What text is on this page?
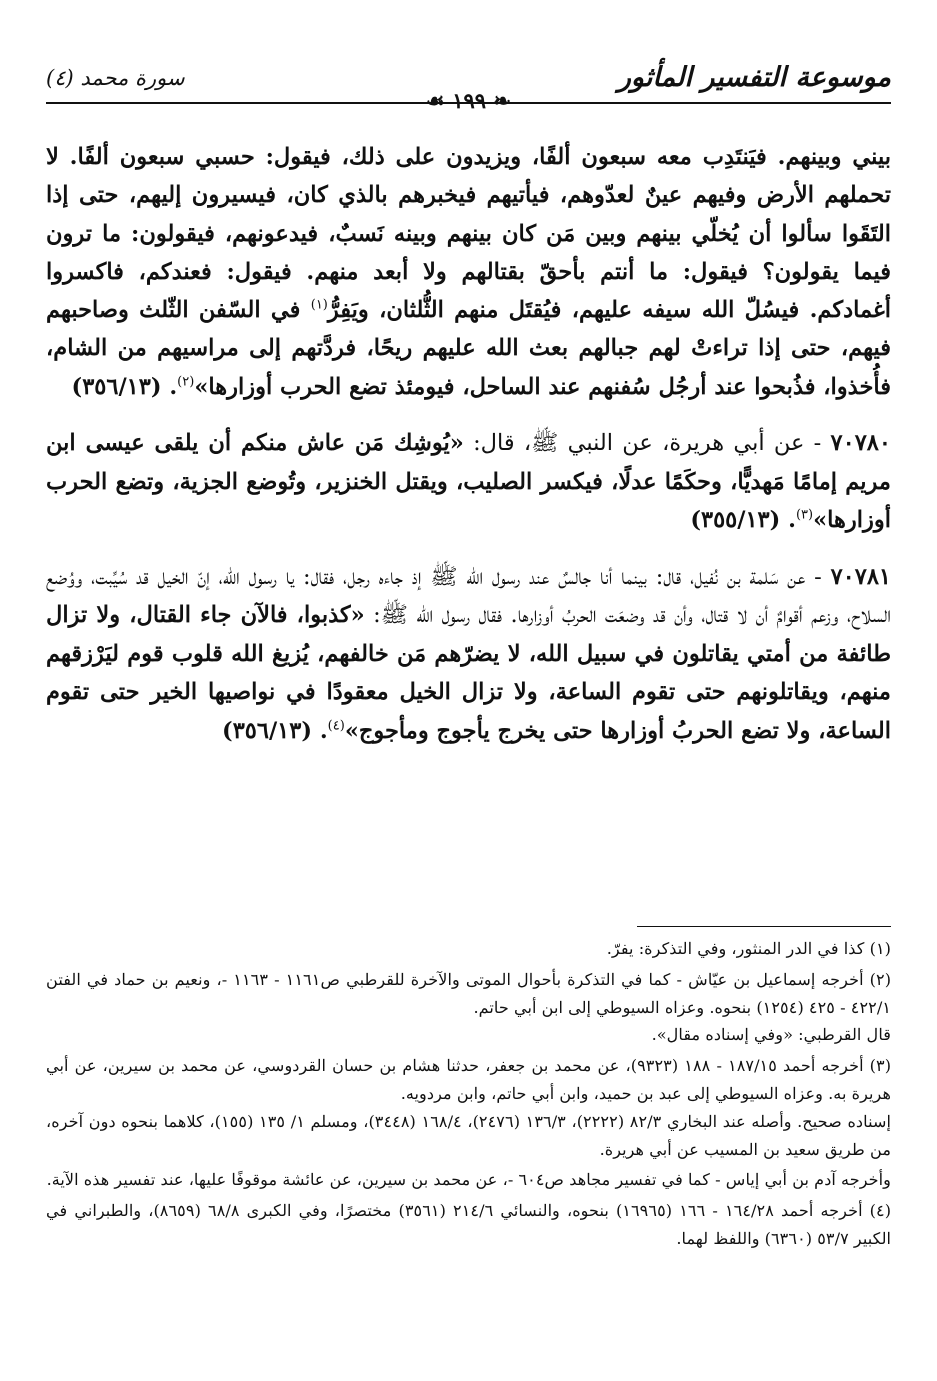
موسوعة التفسير المأثور
سورة محمد (٤)
❧ ١٩٩ ☙

بيني وبينهم. فيَنتَدِب معه سبعون ألفًا، ويزيدون على ذلك، فيقول: حسبي سبعون ألفًا. لا تحملهم الأرض وفيهم عينٌ لعدّوهم، فيأتيهم فيخبرهم بالذي كان، فيسيرون إليهم، حتى إذا التَقَوا سألوا أن يُخلّي بينهم وبين مَن كان بينهم وبينه نَسبٌ، فيدعونهم، فيقولون: ما ترون فيما يقولون؟ فيقول: ما أنتم بأحقّ بقتالهم ولا أبعد منهم. فيقول: فعندكم، فاكسروا أغمادكم. فيسُلّ الله سيفه عليهم، فيُقتَل منهم الثُّلثان، ويَفِرُّ$^{(١)}$ في السّفن الثّلث وصاحبهم فيهم، حتى إذا تراءتْ لهم جبالهم بعث الله عليهم ريحًا، فردَّتهم إلى مراسيهم من الشام، فأُخذوا، فذُبحوا عند أرجُل سُفنهم عند الساحل، فيومئذ تضع الحرب أوزارها»$^{(٢)}$. (٣٥٦/١٣)

٧٠٧٨٠ - عن أبي هريرة، عن النبي ﷺ، قال: «يُوشِك مَن عاش منكم أن يلقى عيسى ابن مريم إمامًا مَهديًّا، وحكَمًا عدلًا، فيكسر الصليب، ويقتل الخنزير، وتُوضع الجزية، وتضع الحرب أوزارها»$^{(٣)}$. (٣٥٥/١٣)

٧٠٧٨١ - عن سَلمة بن نُفيل، قال: بينما أنا جالسٌ عند رسول الله ﷺ إذ جاءه رجل، فقال: يا رسول الله، إنّ الخيل قد سُيِّبت، ووُضع السلاح، وزعم أقوامٌ أن لا قتال، وأن قد وضعَت الحربُ أوزارها. فقال رسول الله ﷺ: «كذبوا، فالآن جاء القتال، ولا تزال طائفة من أمتي يقاتلون في سبيل الله، لا يضرّهم مَن خالفهم، يُزيغ الله قلوب قوم ليَرْزقهم منهم، ويقاتلونهم حتى تقوم الساعة، ولا تزال الخيل معقودًا في نواصيها الخير حتى تقوم الساعة، ولا تضع الحربُ أوزارها حتى يخرج يأجوج ومأجوج»$^{(٤)}$. (٣٥٦/١٣)

(١) كذا في الدر المنثور، وفي التذكرة: يفرّ.

(٢) أخرجه إسماعيل بن عيّاش - كما في التذكرة بأحوال الموتى والآخرة للقرطبي ص١١٦١ - ١١٦٣ -، ونعيم بن حماد في الفتن ٤٢٢/١ - ٤٢٥ (١٢٥٤) بنحوه. وعزاه السيوطي إلى ابن أبي حاتم.

قال القرطبي: «وفي إسناده مقال».

(٣) أخرجه أحمد ١٨٧/١٥ - ١٨٨ (٩٣٢٣)، عن محمد بن جعفر، حدثنا هشام بن حسان القردوسي، عن محمد بن سيرين، عن أبي هريرة به. وعزاه السيوطي إلى عبد بن حميد، وابن أبي حاتم، وابن مردويه.

إسناده صحيح. وأصله عند البخاري ٨٢/٣ (٢٢٢٢)، ١٣٦/٣ (٢٤٧٦)، ١٦٨/٤ (٣٤٤٨)، ومسلم ١/ ١٣٥ (١٥٥)، كلاهما بنحوه دون آخره، من طريق سعيد بن المسيب عن أبي هريرة.

وأخرجه آدم بن أبي إياس - كما في تفسير مجاهد ص٦٠٤ -، عن محمد بن سيرين، عن عائشة موقوفًا عليها، عند تفسير هذه الآية.

(٤) أخرجه أحمد ١٦٤/٢٨ - ١٦٦ (١٦٩٦٥) بنحوه، والنسائي ٢١٤/٦ (٣٥٦١) مختصرًا، وفي الكبرى ٦٨/٨ (٨٦٥٩)، والطبراني في الكبير ٥٣/٧ (٦٣٦٠) واللفظ لهما.
